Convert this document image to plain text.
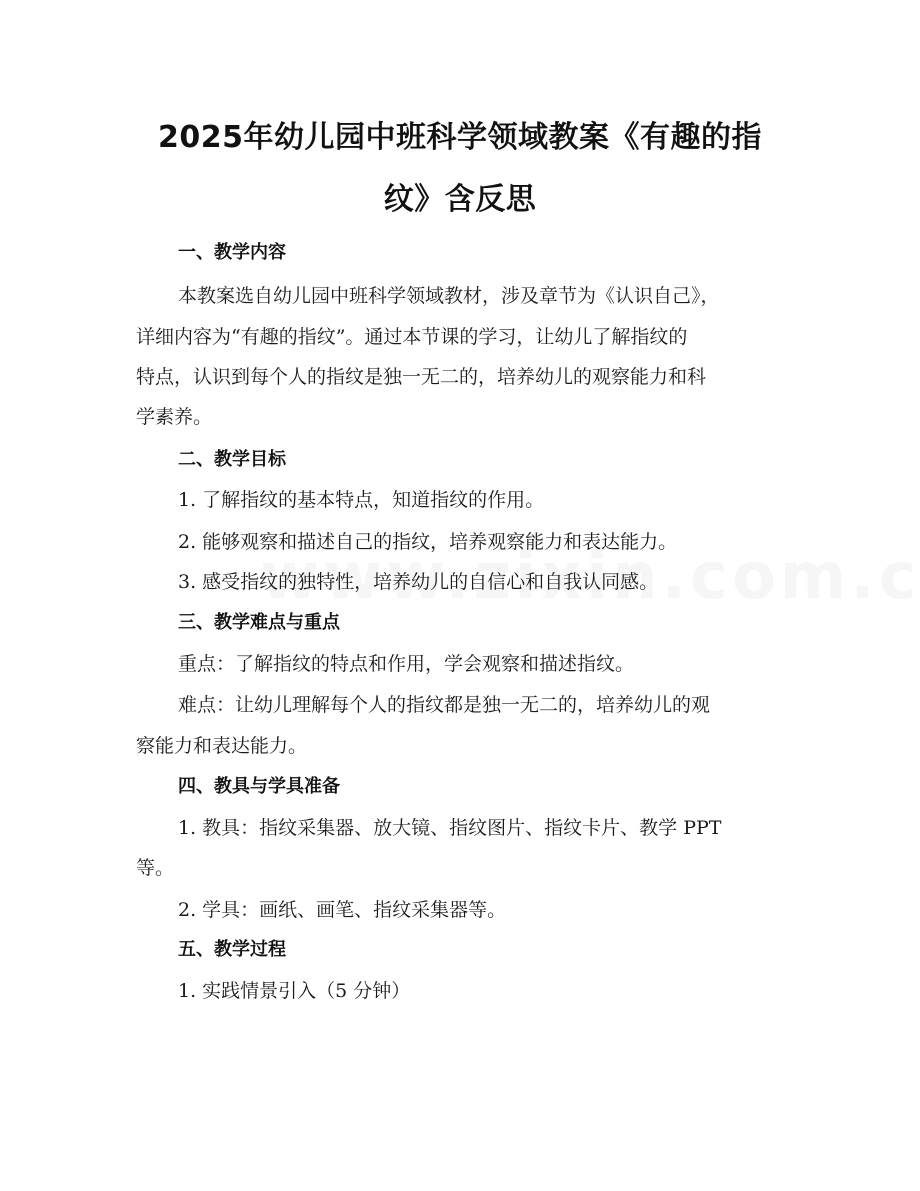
2025年幼儿园中班科学领域教案《有趣的指
纹》含反思
一、教学内容
本教案选自幼儿园中班科学领域教材，涉及章节为《认识自己》，
详细内容为“有趣的指纹”。通过本节课的学习，让幼儿了解指纹的
特点，认识到每个人的指纹是独一无二的，培养幼儿的观察能力和科
学素养。
二、教学目标
1. 了解指纹的基本特点，知道指纹的作用。
2. 能够观察和描述自己的指纹，培养观察能力和表达能力。
3. 感受指纹的独特性，培养幼儿的自信心和自我认同感。
三、教学难点与重点
重点：了解指纹的特点和作用，学会观察和描述指纹。
难点：让幼儿理解每个人的指纹都是独一无二的，培养幼儿的观
察能力和表达能力。
四、教具与学具准备
1. 教具：指纹采集器、放大镜、指纹图片、指纹卡片、教学 PPT
等。
2. 学具：画纸、画笔、指纹采集器等。
五、教学过程
1. 实践情景引入（5 分钟）
